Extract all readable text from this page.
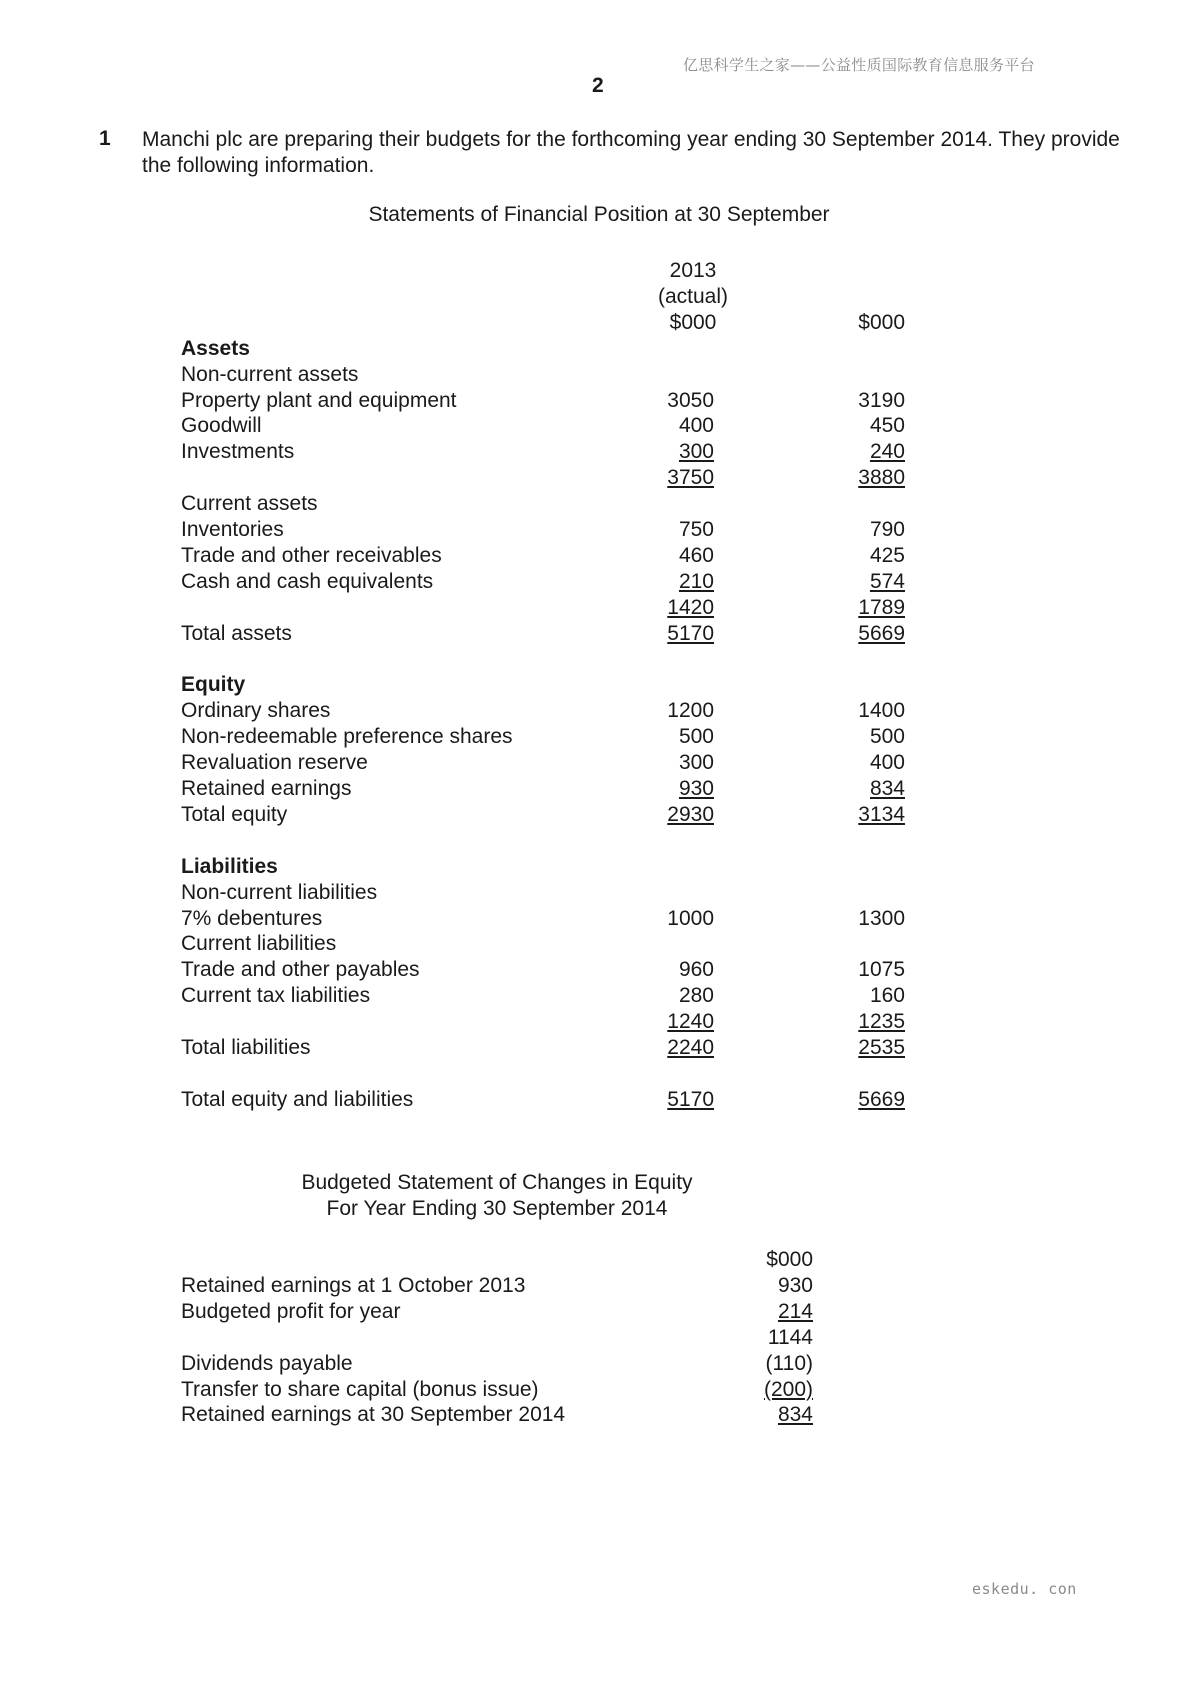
亿思科学生之家——公益性质国际教育信息服务平台
2
1 Manchi plc are preparing their budgets for the forthcoming year ending 30 September 2014. They provide the following information.
Statements of Financial Position at 30 September
2013
(actual)
$000	$000
Assets
Non-current assets
Property plant and equipment	3050	3190
Goodwill	400	450
Investments	300	240
3750	3880
Current assets
Inventories	750	790
Trade and other receivables	460	425
Cash and cash equivalents	210	574
1420	1789
Total assets	5170	5669
Equity
Ordinary shares	1200	1400
Non-redeemable preference shares	500	500
Revaluation reserve	300	400
Retained earnings	930	834
Total equity	2930	3134
Liabilities
Non-current liabilities
7% debentures	1000	1300
Current liabilities
Trade and other payables	960	1075
Current tax liabilities	280	160
1240	1235
Total liabilities	2240	2535
Total equity and liabilities	5170	5669
Budgeted Statement of Changes in Equity
For Year Ending 30 September 2014
$000
Retained earnings at 1 October 2013	930
Budgeted profit for year	214
1144
Dividends payable	(110)
Transfer to share capital (bonus issue)	(200)
Retained earnings at 30 September 2014	834
eskedu. con
